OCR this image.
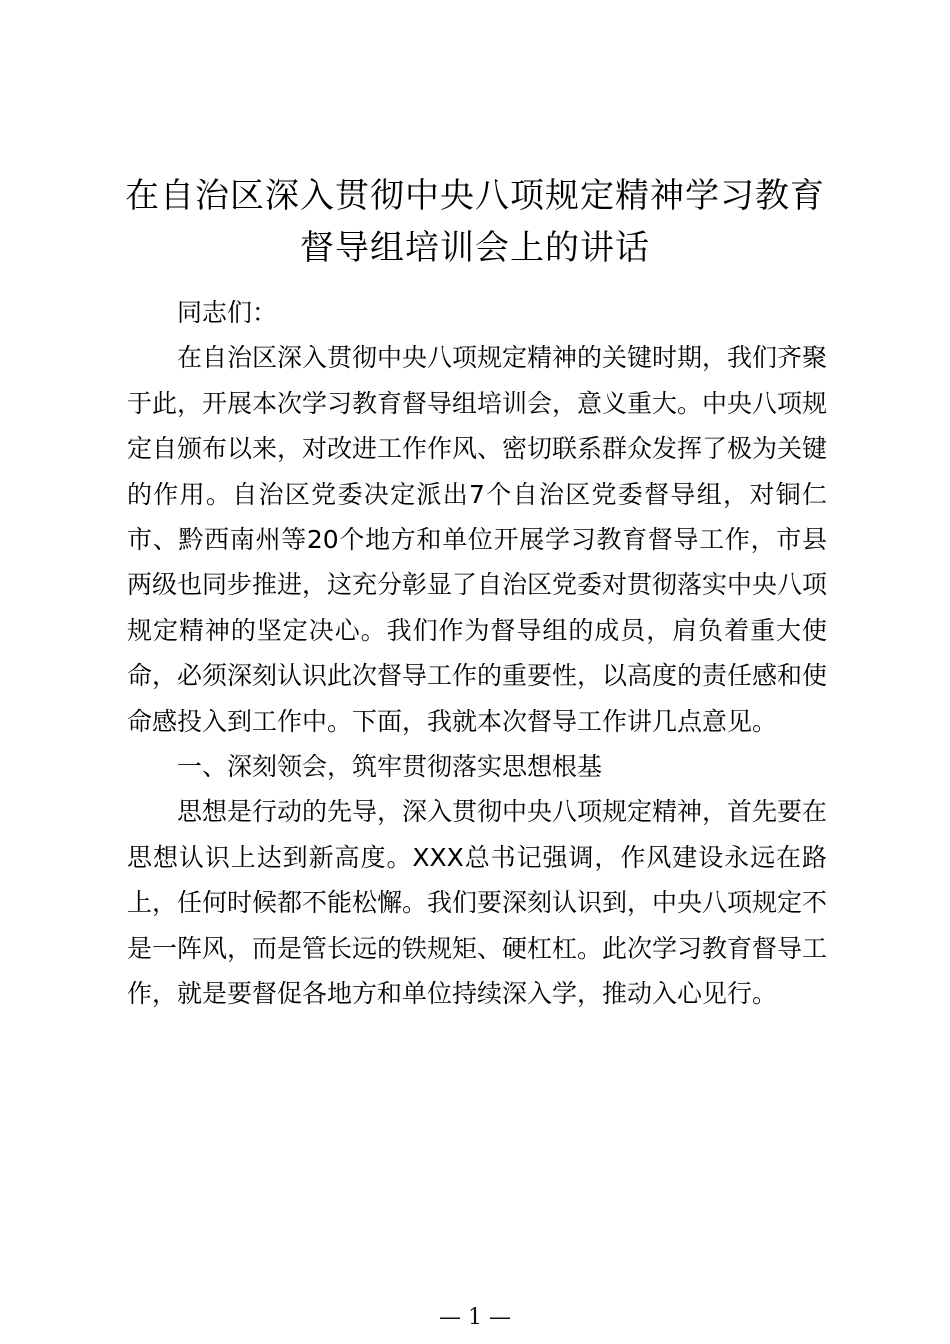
在自治区深入贯彻中央八项规定精神学习教育
督导组培训会上的讲话

同志们：

在自治区深入贯彻中央八项规定精神的关键时期，我们齐聚于此，开展本次学习教育督导组培训会，意义重大。中央八项规定自颁布以来，对改进工作作风、密切联系群众发挥了极为关键的作用。自治区党委决定派出7个自治区党委督导组，对铜仁市、黔西南州等20个地方和单位开展学习教育督导工作，市县两级也同步推进，这充分彰显了自治区党委对贯彻落实中央八项规定精神的坚定决心。我们作为督导组的成员，肩负着重大使命，必须深刻认识此次督导工作的重要性，以高度的责任感和使命感投入到工作中。下面，我就本次督导工作讲几点意见。

一、深刻领会，筑牢贯彻落实思想根基

思想是行动的先导，深入贯彻中央八项规定精神，首先要在思想认识上达到新高度。XXX总书记强调，作风建设永远在路上，任何时候都不能松懈。我们要深刻认识到，中央八项规定不是一阵风，而是管长远的铁规矩、硬杠杠。此次学习教育督导工作，就是要督促各地方和单位持续深入学，推动入心见行。

— 1 —
